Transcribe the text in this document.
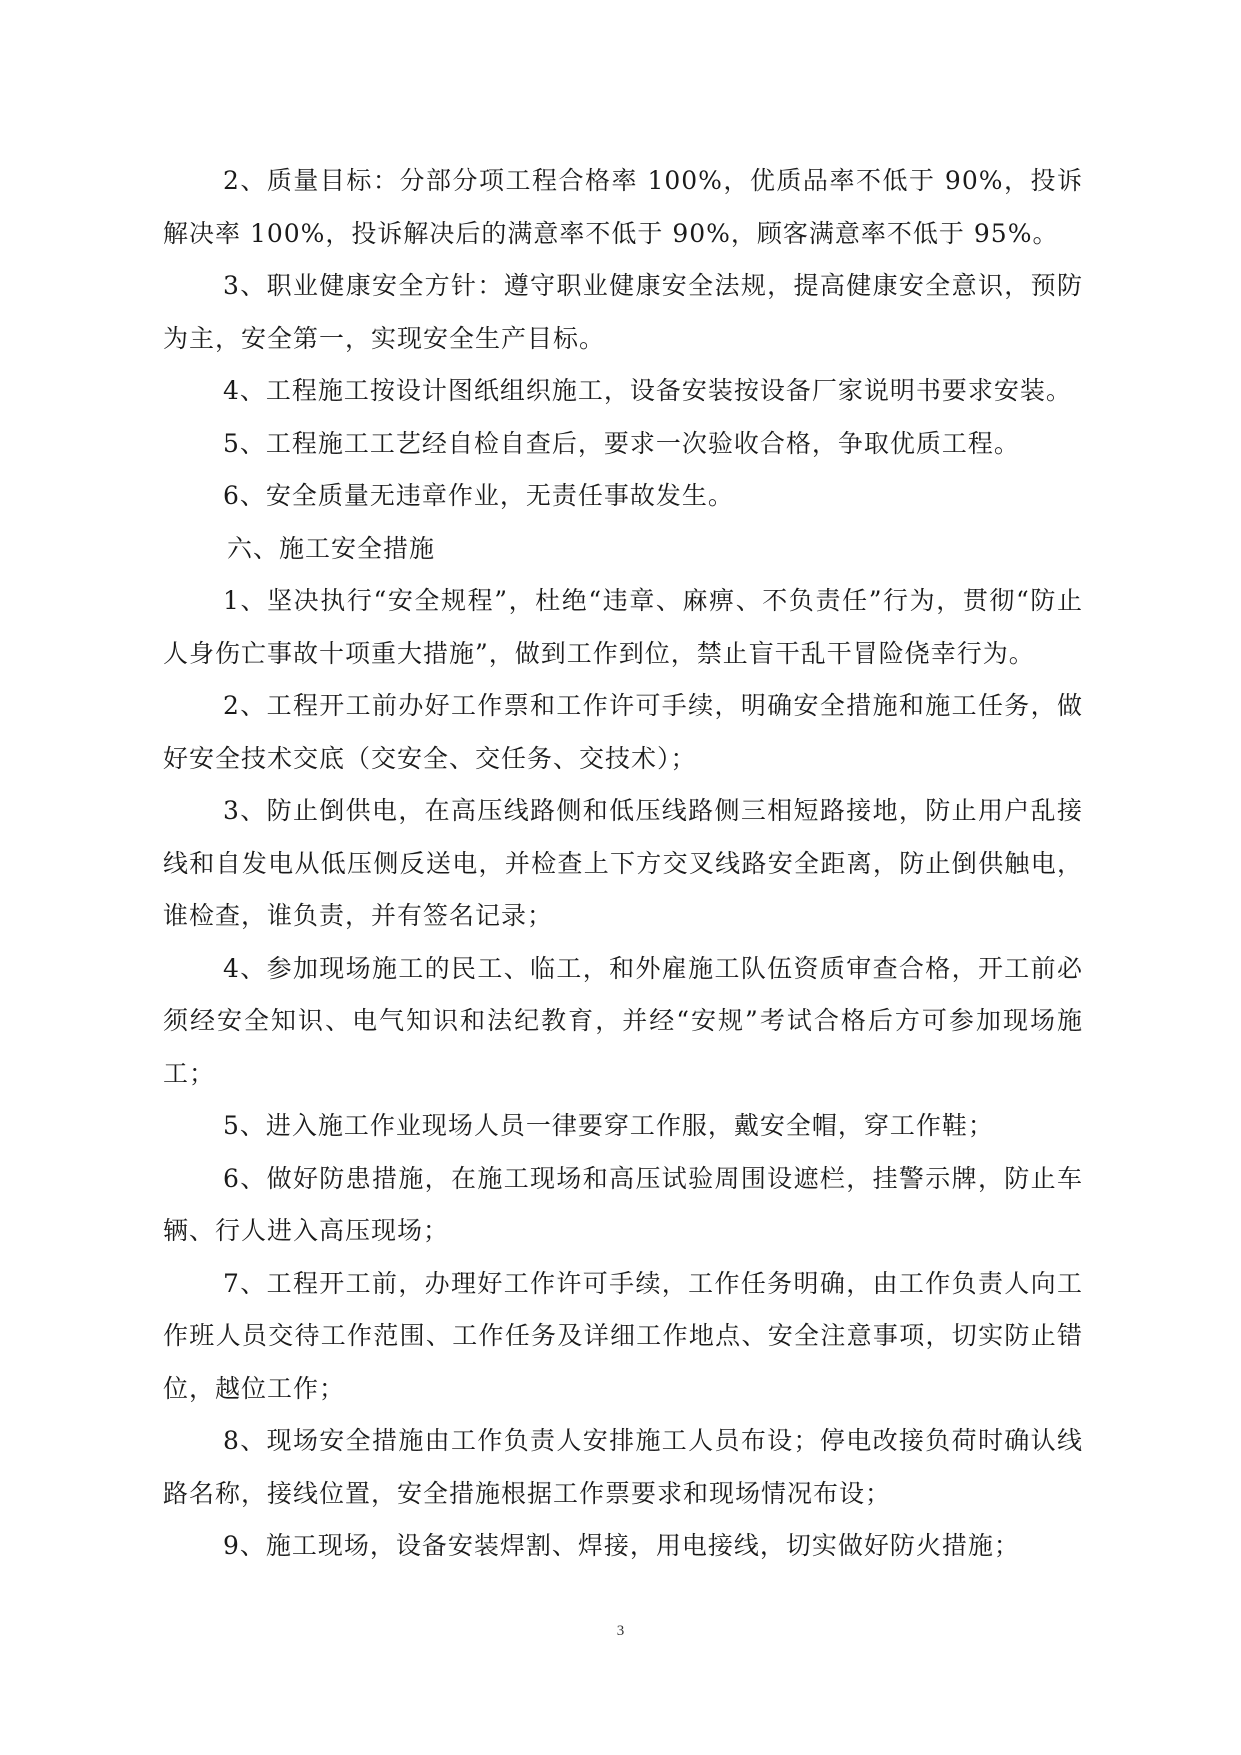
2、质量目标：分部分项工程合格率 100%，优质品率不低于 90%，投诉解决率 100%，投诉解决后的满意率不低于 90%，顾客满意率不低于 95%。

3、职业健康安全方针：遵守职业健康安全法规，提高健康安全意识，预防为主，安全第一，实现安全生产目标。

4、工程施工按设计图纸组织施工，设备安装按设备厂家说明书要求安装。

5、工程施工工艺经自检自查后，要求一次验收合格，争取优质工程。

6、安全质量无违章作业，无责任事故发生。

六、施工安全措施

1、坚决执行“安全规程”，杜绝“违章、麻痹、不负责任”行为，贯彻“防止人身伤亡事故十项重大措施”，做到工作到位，禁止盲干乱干冒险侥幸行为。

2、工程开工前办好工作票和工作许可手续，明确安全措施和施工任务，做好安全技术交底（交安全、交任务、交技术）；

3、防止倒供电，在高压线路侧和低压线路侧三相短路接地，防止用户乱接线和自发电从低压侧反送电，并检查上下方交叉线路安全距离，防止倒供触电，谁检查，谁负责，并有签名记录；

4、参加现场施工的民工、临工，和外雇施工队伍资质审查合格，开工前必须经安全知识、电气知识和法纪教育，并经“安规”考试合格后方可参加现场施工；

5、进入施工作业现场人员一律要穿工作服，戴安全帽，穿工作鞋；

6、做好防患措施，在施工现场和高压试验周围设遮栏，挂警示牌，防止车辆、行人进入高压现场；

7、工程开工前，办理好工作许可手续，工作任务明确，由工作负责人向工作班人员交待工作范围、工作任务及详细工作地点、安全注意事项，切实防止错位，越位工作；

8、现场安全措施由工作负责人安排施工人员布设；停电改接负荷时确认线路名称，接线位置，安全措施根据工作票要求和现场情况布设；

9、施工现场，设备安装焊割、焊接，用电接线，切实做好防火措施；

3
